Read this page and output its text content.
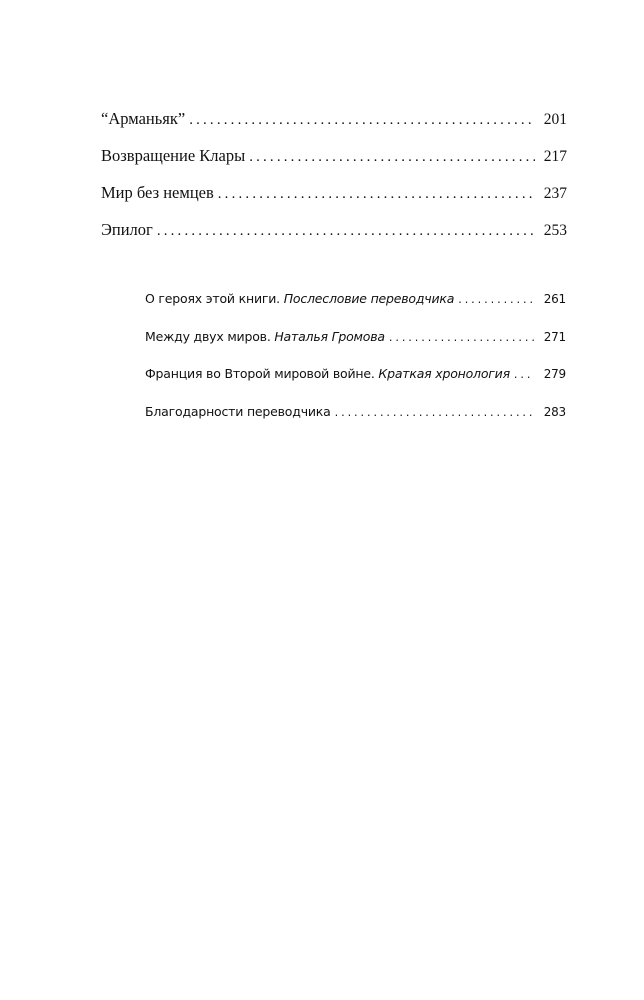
“Арманьяк” .....	201
Возвращение Клары .....	217
Мир без немцев .....	237
Эпилог .....	253
О героях этой книги. Послесловие переводчика .....	261
Между двух миров. Наталья Громова .....	271
Франция во Второй мировой войне. Краткая хронология .....	279
Благодарности переводчика .....	283
